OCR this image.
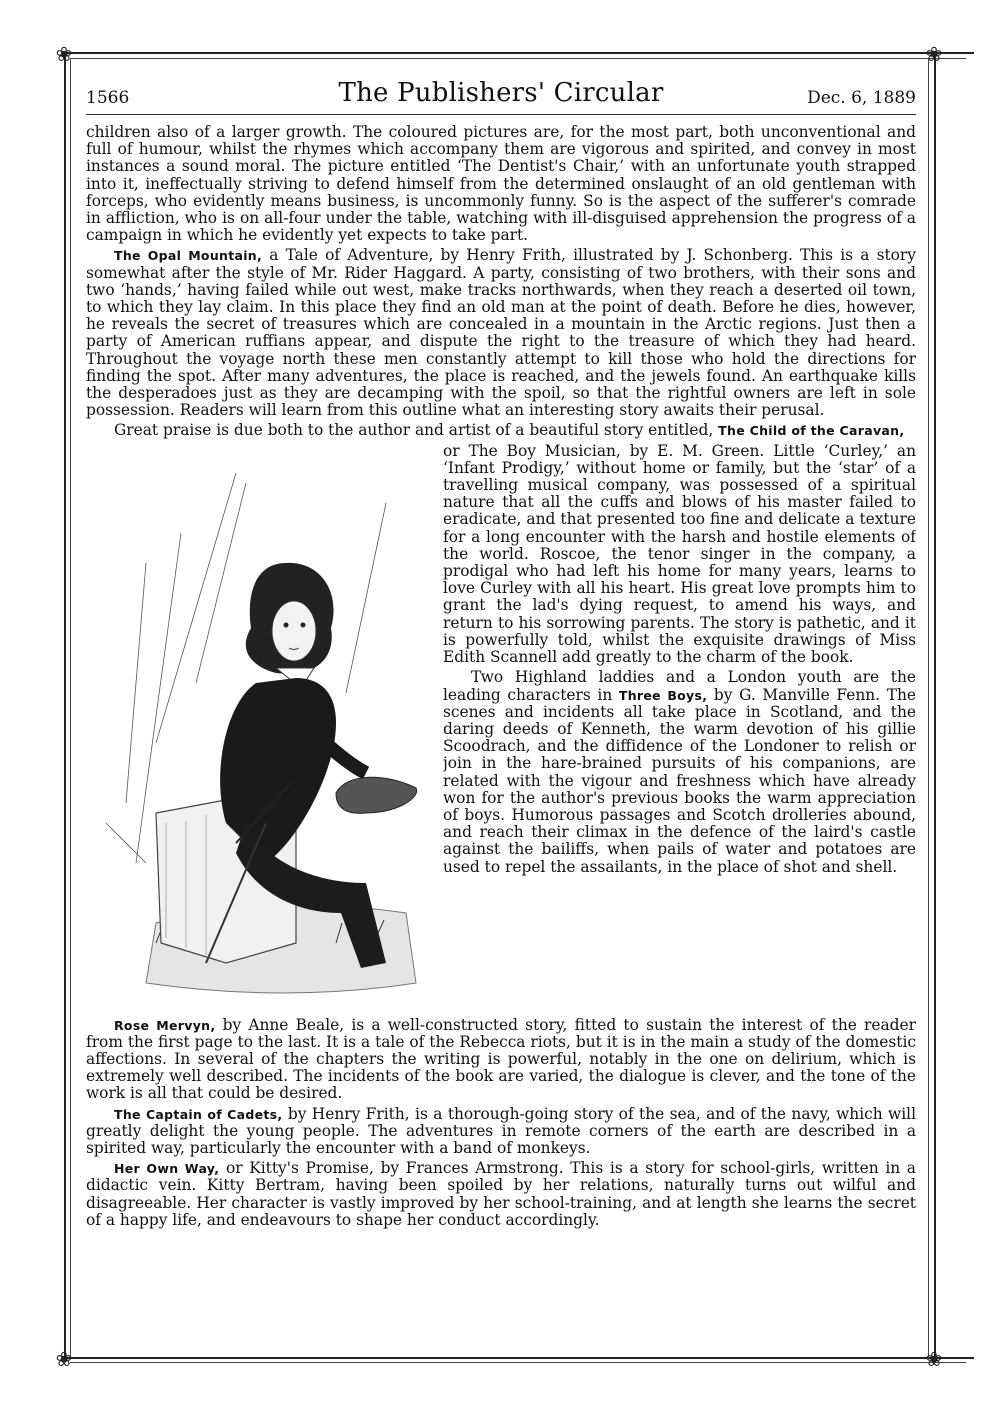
❀	❀
❀	❀
1566	The Publishers' Circular	Dec. 6, 1889

children also of a larger growth. The coloured pictures are, for the most part, both unconventional and full of humour, whilst the rhymes which accompany them are vigorous and spirited, and convey in most instances a sound moral. The picture entitled ‘The Dentist's Chair,’ with an unfortunate youth strapped into it, ineffectually striving to defend himself from the determined onslaught of an old gentleman with forceps, who evidently means business, is uncommonly funny. So is the aspect of the sufferer's comrade in affliction, who is on all-four under the table, watching with ill-disguised apprehension the progress of a campaign in which he evidently yet expects to take part.

The Opal Mountain, a Tale of Adventure, by Henry Frith, illustrated by J. Schonberg. This is a story somewhat after the style of Mr. Rider Haggard. A party, consisting of two brothers, with their sons and two ‘hands,’ having failed while out west, make tracks northwards, when they reach a deserted oil town, to which they lay claim. In this place they find an old man at the point of death. Before he dies, however, he reveals the secret of treasures which are concealed in a mountain in the Arctic regions. Just then a party of American ruffians appear, and dispute the right to the treasure of which they had heard. Throughout the voyage north these men constantly attempt to kill those who hold the directions for finding the spot. After many adventures, the place is reached, and the jewels found. An earthquake kills the desperadoes just as they are decamping with the spoil, so that the rightful owners are left in sole possession. Readers will learn from this outline what an interesting story awaits their perusal.

Great praise is due both to the author and artist of a beautiful story entitled, The Child of the Caravan,

or The Boy Musician, by E. M. Green. Little ‘Curley,’ an ‘Infant Prodigy,’ without home or family, but the ‘star’ of a travelling musical company, was possessed of a spiritual nature that all the cuffs and blows of his master failed to eradicate, and that presented too fine and delicate a texture for a long encounter with the harsh and hostile elements of the world. Roscoe, the tenor singer in the company, a prodigal who had left his home for many years, learns to love Curley with all his heart. His great love prompts him to grant the lad's dying request, to amend his ways, and return to his sorrowing parents. The story is pathetic, and it is powerfully told, whilst the exquisite drawings of Miss Edith Scannell add greatly to the charm of the book.

Two Highland laddies and a London youth are the leading characters in Three Boys, by G. Manville Fenn. The scenes and incidents all take place in Scotland, and the daring deeds of Kenneth, the warm devotion of his gillie Scoodrach, and the diffidence of the Londoner to relish or join in the hare-brained pursuits of his companions, are related with the vigour and freshness which have already won for the author's previous books the warm appreciation of boys. Humorous passages and Scotch drolleries abound, and reach their climax in the defence of the laird's castle against the bailiffs, when pails of water and potatoes are used to repel the assailants, in the place of shot and shell.

Rose Mervyn, by Anne Beale, is a well-constructed story, fitted to sustain the interest of the reader from the first page to the last. It is a tale of the Rebecca riots, but it is in the main a study of the domestic affections. In several of the chapters the writing is powerful, notably in the one on delirium, which is extremely well described. The incidents of the book are varied, the dialogue is clever, and the tone of the work is all that could be desired.

The Captain of Cadets, by Henry Frith, is a thorough-going story of the sea, and of the navy, which will greatly delight the young people. The adventures in remote corners of the earth are described in a spirited way, particularly the encounter with a band of monkeys.

Her Own Way, or Kitty's Promise, by Frances Armstrong. This is a story for school-girls, written in a didactic vein. Kitty Bertram, having been spoiled by her relations, naturally turns out wilful and disagreeable. Her character is vastly improved by her school-training, and at length she learns the secret of a happy life, and endeavours to shape her conduct accordingly.
